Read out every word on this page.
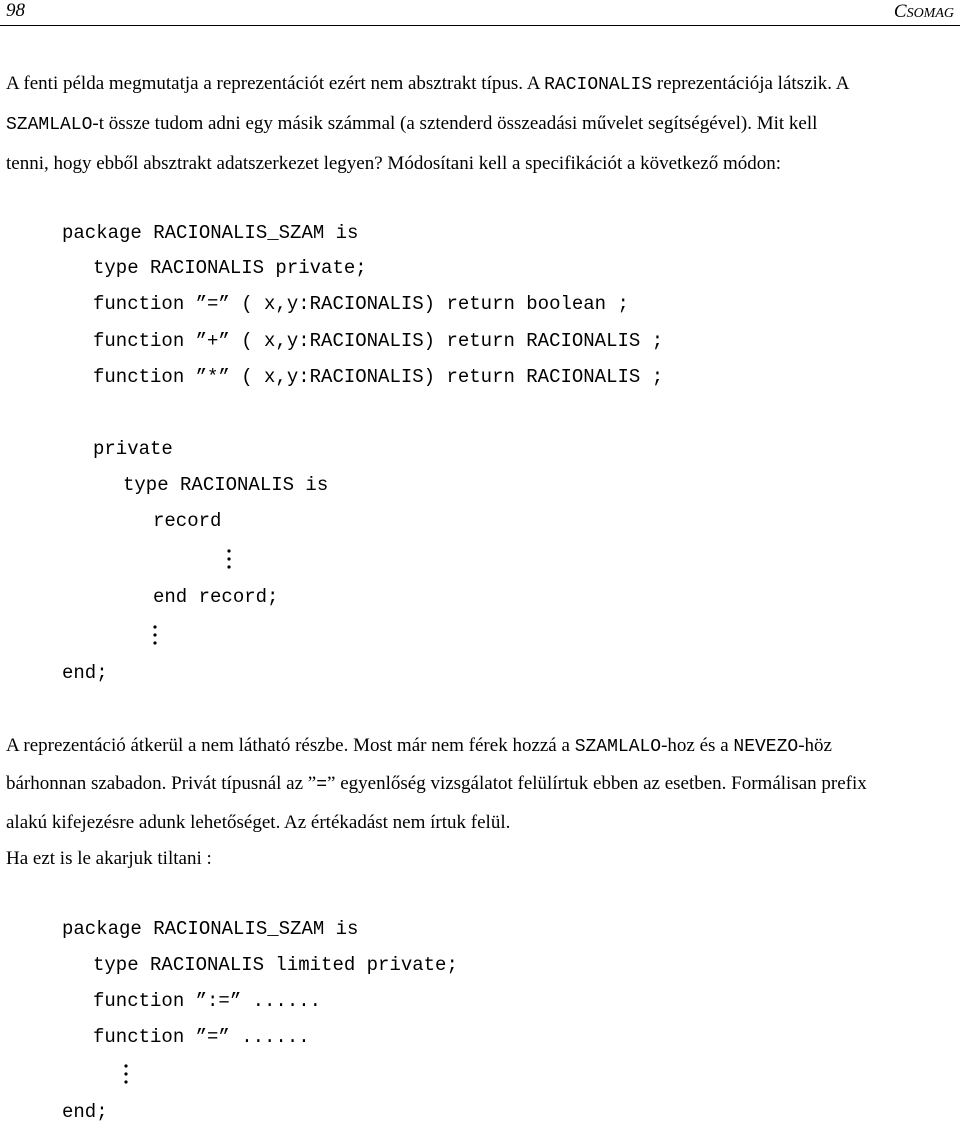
98	CSOMAG
A fenti példa megmutatja a reprezentációt ezért nem absztrakt típus. A RACIONALIS reprezentációja látszik. A
SZAMLALO-t össze tudom adni egy másik számmal (a sztenderd összeadási művelet segítségével). Mit kell
tenni, hogy ebből absztrakt adatszerkezet legyen? Módosítani kell a specifikációt a következő módon:
package RACIONALIS_SZAM is
type RACIONALIS private;
function ”=” ( x,y:RACIONALIS) return boolean ;
function ”+” ( x,y:RACIONALIS) return RACIONALIS ;
function ”*” ( x,y:RACIONALIS) return RACIONALIS ;
private
type RACIONALIS is
record
end record;
end;
A reprezentáció átkerül a nem látható részbe. Most már nem férek hozzá a SZAMLALO-hoz és a NEVEZO-höz
bárhonnan szabadon. Privát típusnál az ”=” egyenlőség vizsgálatot felülírtuk ebben az esetben. Formálisan prefix
alakú kifejezésre adunk lehetőséget. Az értékadást nem írtuk felül.
Ha ezt is le akarjuk tiltani :
package RACIONALIS_SZAM is
type RACIONALIS limited private;
function ”:=” ......
function ”=” ......
end;
